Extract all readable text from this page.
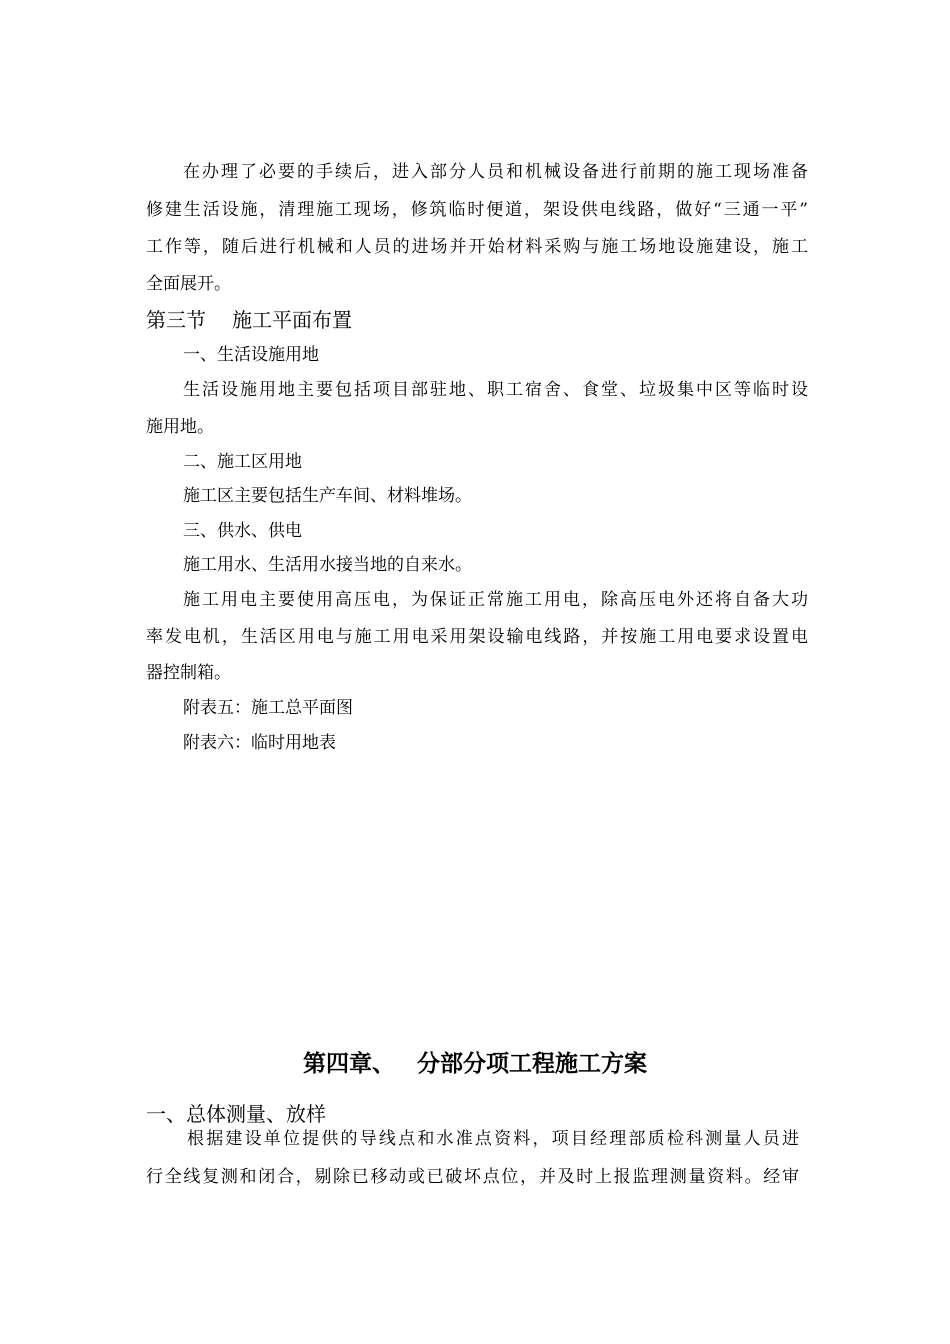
在办理了必要的手续后，进入部分人员和机械设备进行前期的施工现场准备
修建生活设施，清理施工现场，修筑临时便道，架设供电线路，做好“三通一平”
工作等，随后进行机械和人员的进场并开始材料采购与施工场地设施建设，施工
全面展开。
第三节 施工平面布置
一、生活设施用地
生活设施用地主要包括项目部驻地、职工宿舍、食堂、垃圾集中区等临时设
施用地。
二、施工区用地
施工区主要包括生产车间、材料堆场。
三、供水、供电
施工用水、生活用水接当地的自来水。
施工用电主要使用高压电，为保证正常施工用电，除高压电外还将自备大功
率发电机，生活区用电与施工用电采用架设输电线路，并按施工用电要求设置电
器控制箱。
附表五：施工总平面图
附表六：临时用地表
第四章、 分部分项工程施工方案
一、总体测量、放样
根据建设单位提供的导线点和水准点资料，项目经理部质检科测量人员进
行全线复测和闭合，剔除已移动或已破坏点位，并及时上报监理测量资料。经审
